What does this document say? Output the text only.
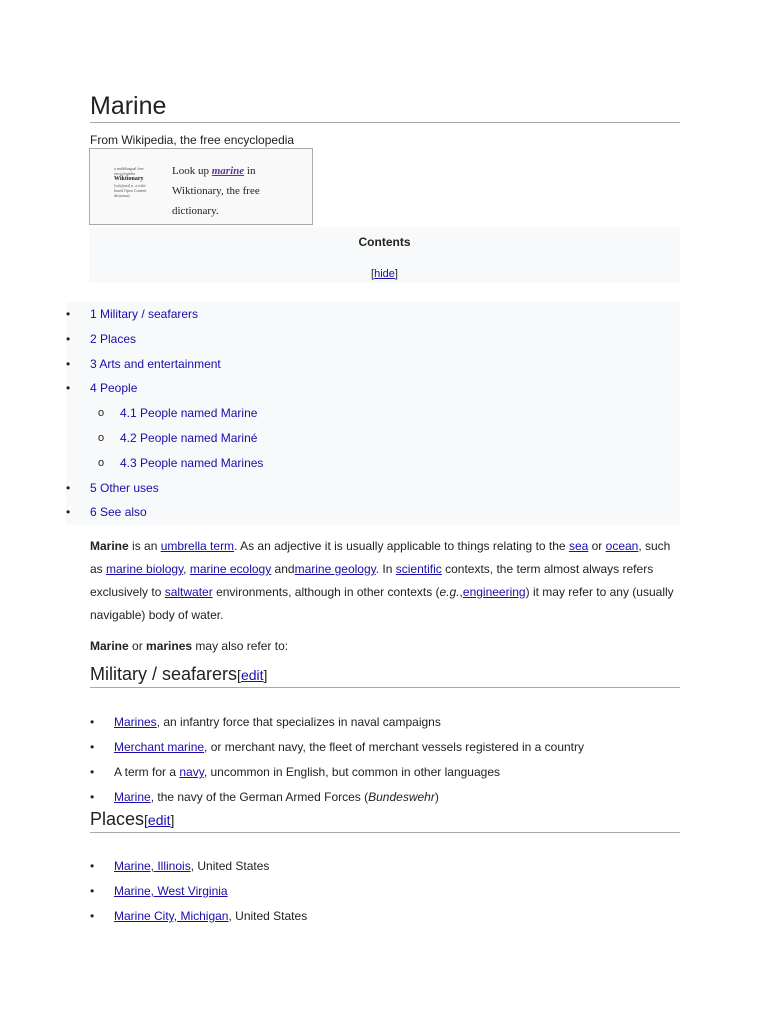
Marine
From Wikipedia, the free encyclopedia
a multilingual free encyclopedia
Wiktionary
[wɪkʃənri] n. a wiki-based Open Content dictionary
Look up marine in Wiktionary, the free dictionary.
Contents
[hide]
• 1 Military / seafarers
• 2 Places
• 3 Arts and entertainment
• 4 People
o 4.1 People named Marine
o 4.2 People named Mariné
o 4.3 People named Marines
• 5 Other uses
• 6 See also

Marine is an umbrella term. As an adjective it is usually applicable to things relating to the sea or ocean, such as marine biology, marine ecology andmarine geology. In scientific contexts, the term almost always refers exclusively to saltwater environments, although in other contexts (e.g.,engineering) it may refer to any (usually navigable) body of water.

Marine or marines may also refer to:

Military / seafarers[edit]
• Marines, an infantry force that specializes in naval campaigns
• Merchant marine, or merchant navy, the fleet of merchant vessels registered in a country
• A term for a navy, uncommon in English, but common in other languages
• Marine, the navy of the German Armed Forces (Bundeswehr)
Places[edit]
• Marine, Illinois, United States
• Marine, West Virginia
• Marine City, Michigan, United States
